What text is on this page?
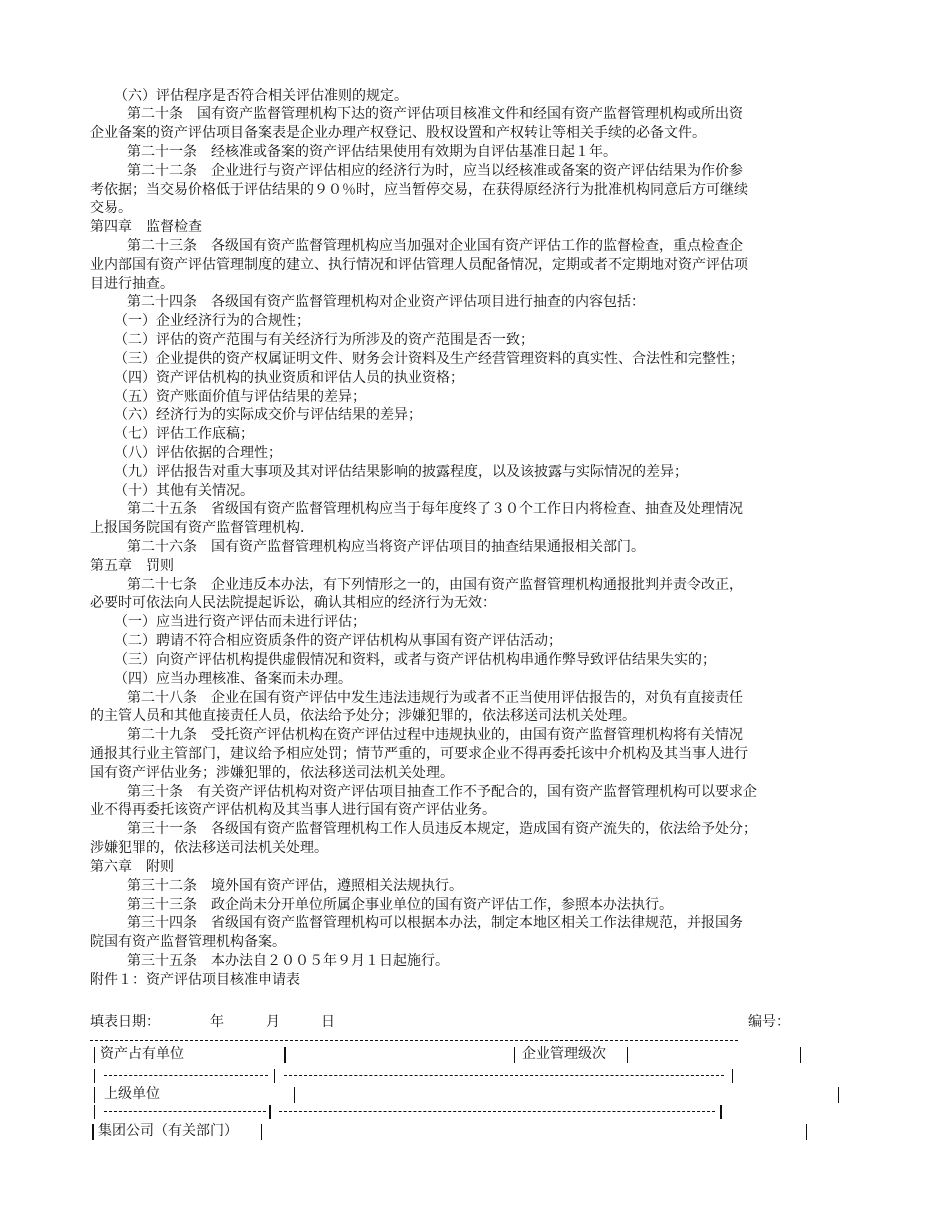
（六）评估程序是否符合相关评估准则的规定。
第二十条　国有资产监督管理机构下达的资产评估项目核准文件和经国有资产监督管理机构或所出资
企业备案的资产评估项目备案表是企业办理产权登记、股权设置和产权转让等相关手续的必备文件。
第二十一条　经核准或备案的资产评估结果使用有效期为自评估基准日起１年。
第二十二条　企业进行与资产评估相应的经济行为时，应当以经核准或备案的资产评估结果为作价参
考依据；当交易价格低于评估结果的９０％时，应当暂停交易，在获得原经济行为批准机构同意后方可继续
交易。
第四章　监督检查
第二十三条　各级国有资产监督管理机构应当加强对企业国有资产评估工作的监督检查，重点检查企
业内部国有资产评估管理制度的建立、执行情况和评估管理人员配备情况，定期或者不定期地对资产评估项
目进行抽查。
第二十四条　各级国有资产监督管理机构对企业资产评估项目进行抽查的内容包括：
（一）企业经济行为的合规性；
（二）评估的资产范围与有关经济行为所涉及的资产范围是否一致；
（三）企业提供的资产权属证明文件、财务会计资料及生产经营管理资料的真实性、合法性和完整性；
（四）资产评估机构的执业资质和评估人员的执业资格；
（五）资产账面价值与评估结果的差异；
（六）经济行为的实际成交价与评估结果的差异；
（七）评估工作底稿；
（八）评估依据的合理性；
（九）评估报告对重大事项及其对评估结果影响的披露程度，以及该披露与实际情况的差异；
（十）其他有关情况。
第二十五条　省级国有资产监督管理机构应当于每年度终了３０个工作日内将检查、抽查及处理情况
上报国务院国有资产监督管理机构．
第二十六条　国有资产监督管理机构应当将资产评估项目的抽查结果通报相关部门。
第五章　罚则
第二十七条　企业违反本办法，有下列情形之一的，由国有资产监督管理机构通报批判并责令改正，
必要时可依法向人民法院提起诉讼，确认其相应的经济行为无效：
（一）应当进行资产评估而未进行评估；
（二）聘请不符合相应资质条件的资产评估机构从事国有资产评估活动；
（三）向资产评估机构提供虚假情况和资料，或者与资产评估机构串通作弊导致评估结果失实的；
（四）应当办理核准、备案而未办理。
第二十八条　企业在国有资产评估中发生违法违规行为或者不正当使用评估报告的，对负有直接责任
的主管人员和其他直接责任人员，依法给予处分；涉嫌犯罪的，依法移送司法机关处理。
第二十九条　受托资产评估机构在资产评估过程中违规执业的，由国有资产监督管理机构将有关情况
通报其行业主管部门，建议给予相应处罚；情节严重的，可要求企业不得再委托该中介机构及其当事人进行
国有资产评估业务；涉嫌犯罪的，依法移送司法机关处理。
第三十条　有关资产评估机构对资产评估项目抽查工作不予配合的，国有资产监督管理机构可以要求企
业不得再委托该资产评估机构及其当事人进行国有资产评估业务。
第三十一条　各级国有资产监督管理机构工作人员违反本规定，造成国有资产流失的，依法给予处分；
涉嫌犯罪的，依法移送司法机关处理。
第六章　附则
第三十二条　境外国有资产评估，遵照相关法规执行。
第三十三条　政企尚未分开单位所属企事业单位的国有资产评估工作，参照本办法执行。
第三十四条　省级国有资产监督管理机构可以根据本办法，制定本地区相关工作法律规范，并报国务
院国有资产监督管理机构备案。
第三十五条　本办法自２００５年９月１日起施行。
附件１：资产评估项目核准申请表
填表日期：	年	月	日	编号：
资产占有单位	企业管理级次
上级单位
集团公司（有关部门）
